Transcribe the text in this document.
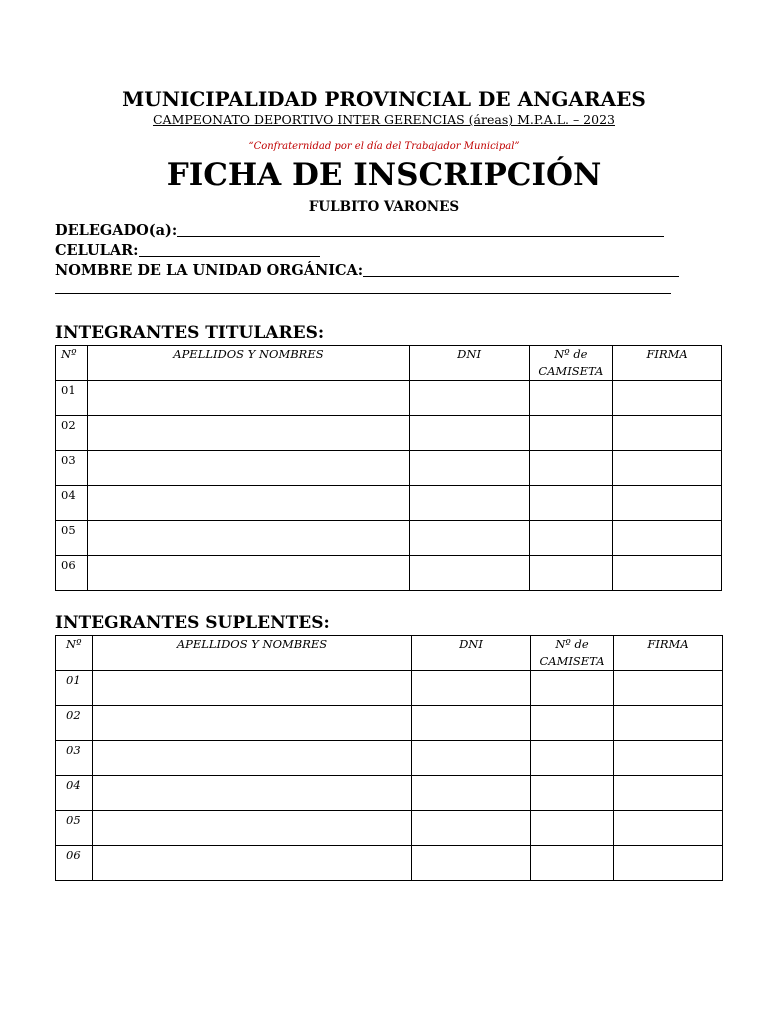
MUNICIPALIDAD PROVINCIAL DE ANGARAES
CAMPEONATO DEPORTIVO INTER GERENCIAS (áreas) M.P.A.L. – 2023
“Confraternidad por el día del Trabajador Municipal”
FICHA DE INSCRIPCIÓN
FULBITO VARONES
DELEGADO(a):
CELULAR:
NOMBRE DE LA UNIDAD ORGÁNICA:
INTEGRANTES TITULARES:
Nº	APELLIDOS Y NOMBRES	DNI	Nº de CAMISETA	FIRMA
01				
02				
03				
04				
05				
06				
INTEGRANTES SUPLENTES:
Nº	APELLIDOS Y NOMBRES	DNI	Nº de CAMISETA	FIRMA
01				
02				
03				
04				
05				
06				
